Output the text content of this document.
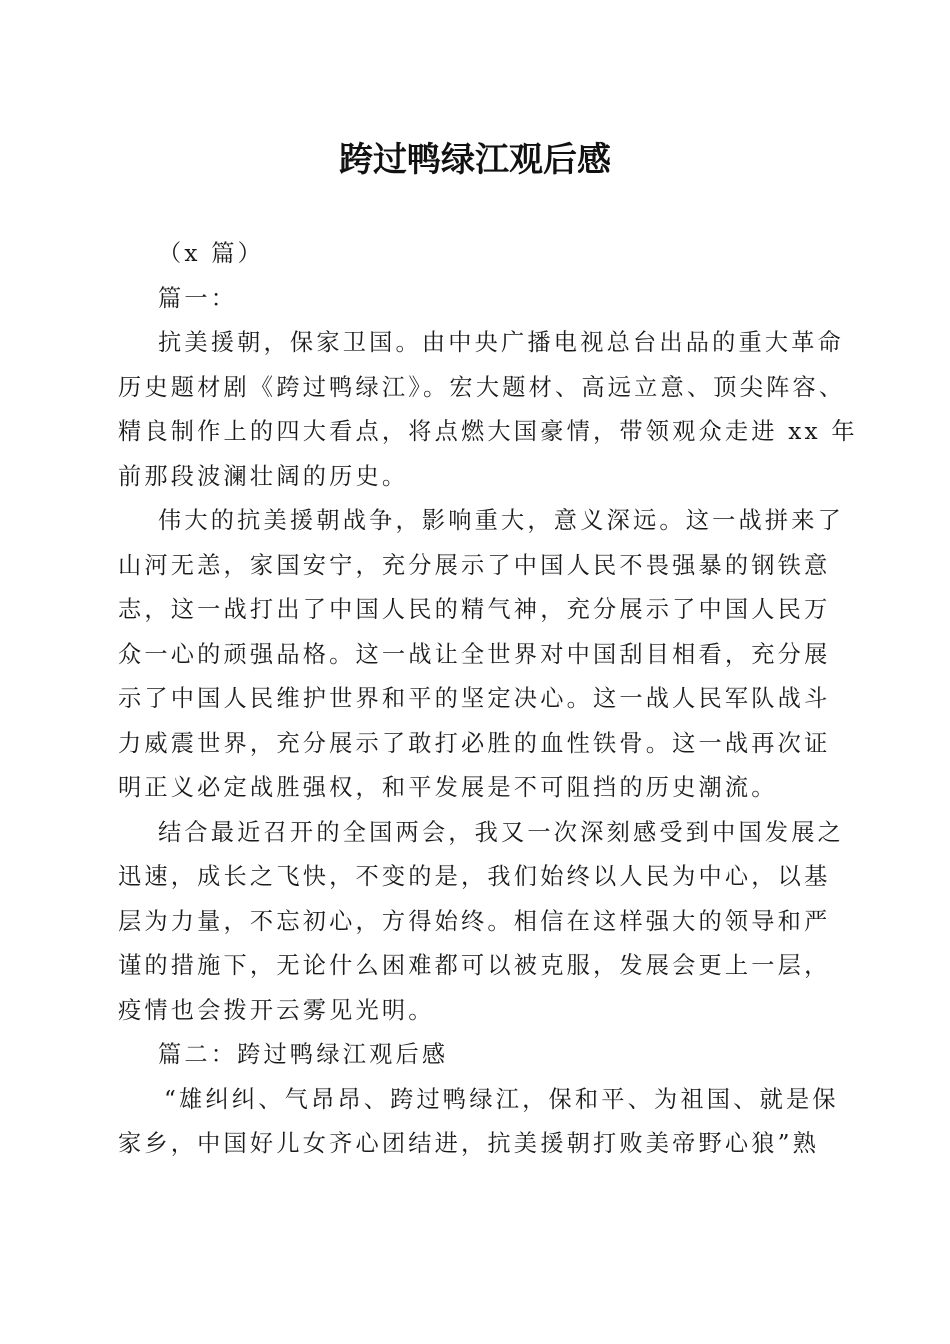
跨过鸭绿江观后感
（x 篇）
篇一：
抗美援朝，保家卫国。由中央广播电视总台出品的重大革命
历史题材剧《跨过鸭绿江》。宏大题材、高远立意、顶尖阵容、
精良制作上的四大看点，将点燃大国豪情，带领观众走进 xx 年
前那段波澜壮阔的历史。
伟大的抗美援朝战争，影响重大，意义深远。这一战拼来了
山河无恙，家国安宁，充分展示了中国人民不畏强暴的钢铁意
志，这一战打出了中国人民的精气神，充分展示了中国人民万
众一心的顽强品格。这一战让全世界对中国刮目相看，充分展
示了中国人民维护世界和平的坚定决心。这一战人民军队战斗
力威震世界，充分展示了敢打必胜的血性铁骨。这一战再次证
明正义必定战胜强权，和平发展是不可阻挡的历史潮流。
结合最近召开的全国两会，我又一次深刻感受到中国发展之
迅速，成长之飞快，不变的是，我们始终以人民为中心，以基
层为力量，不忘初心，方得始终。相信在这样强大的领导和严
谨的措施下，无论什么困难都可以被克服，发展会更上一层，
疫情也会拨开云雾见光明。
篇二：跨过鸭绿江观后感
“雄纠纠、气昂昂、跨过鸭绿江，保和平、为祖国、就是保
家乡，中国好儿女齐心团结进，抗美援朝打败美帝野心狼”熟
